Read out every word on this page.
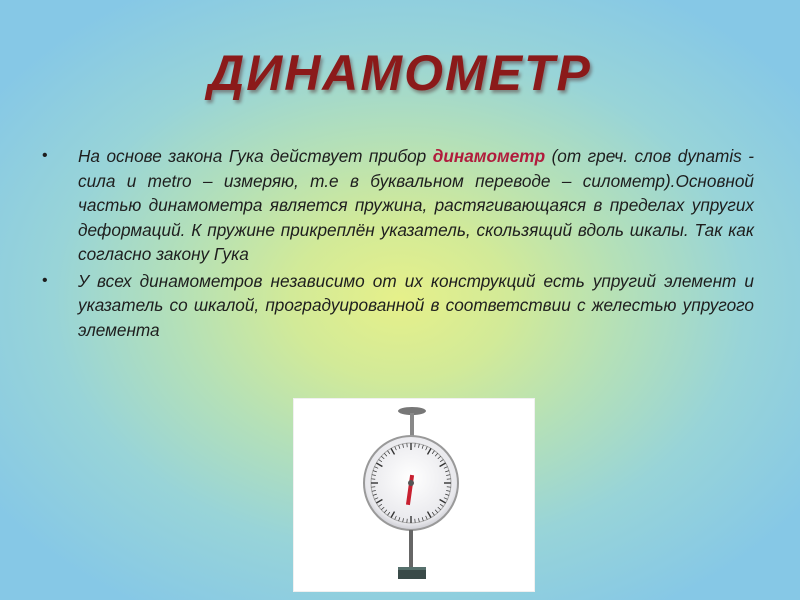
ДИНАМОМЕТР
• На основе закона Гука действует прибор динамометр (от греч. слов dynamis - сила и metro – измеряю, т.е в буквальном переводе – силометр).Основной частью динамометра является пружина, растягивающаяся в пределах упругих деформаций. К пружине прикреплён указатель, скользящий вдоль шкалы. Так как согласно закону Гука
• У всех динамометров независимо от их конструкций есть упругий элемент и указатель со шкалой, проградуированной в соответствии с желестью упругого элемента
